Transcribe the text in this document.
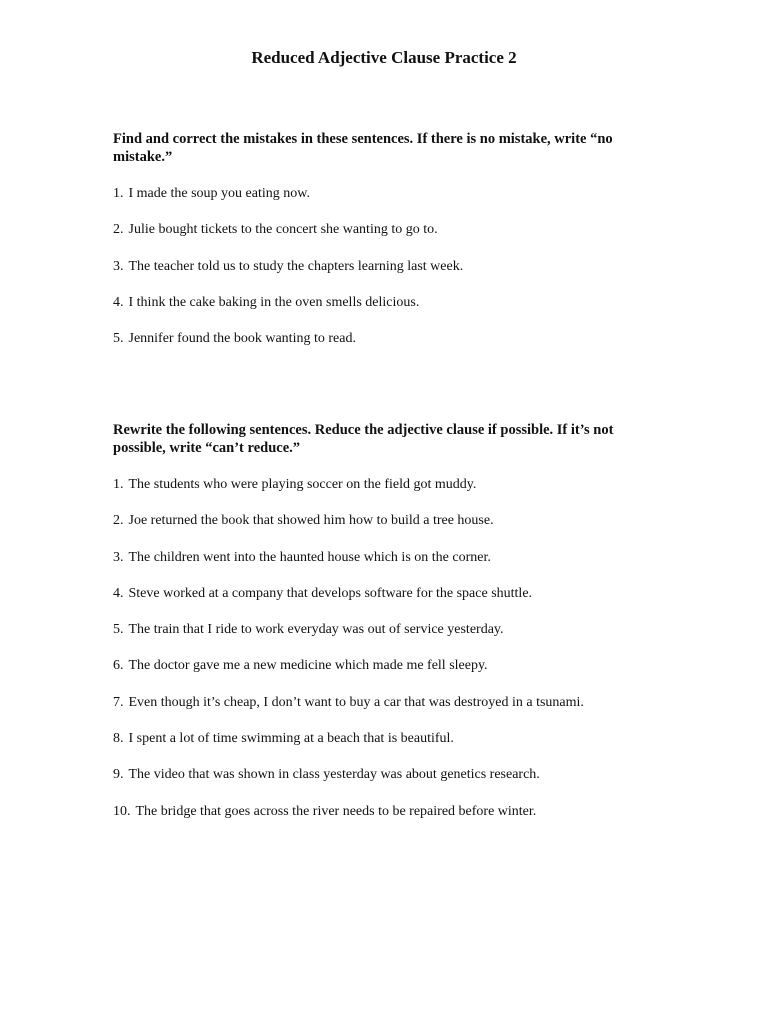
Reduced Adjective Clause Practice 2
Find and correct the mistakes in these sentences. If there is no mistake, write “no mistake.”
1. I made the soup you eating now.
2. Julie bought tickets to the concert she wanting to go to.
3. The teacher told us to study the chapters learning last week.
4. I think the cake baking in the oven smells delicious.
5. Jennifer found the book wanting to read.
Rewrite the following sentences. Reduce the adjective clause if possible. If it’s not possible, write “can’t reduce.”
1. The students who were playing soccer on the field got muddy.
2. Joe returned the book that showed him how to build a tree house.
3. The children went into the haunted house which is on the corner.
4. Steve worked at a company that develops software for the space shuttle.
5. The train that I ride to work everyday was out of service yesterday.
6. The doctor gave me a new medicine which made me fell sleepy.
7. Even though it’s cheap, I don’t want to buy a car that was destroyed in a tsunami.
8. I spent a lot of time swimming at a beach that is beautiful.
9. The video that was shown in class yesterday was about genetics research.
10. The bridge that goes across the river needs to be repaired before winter.
